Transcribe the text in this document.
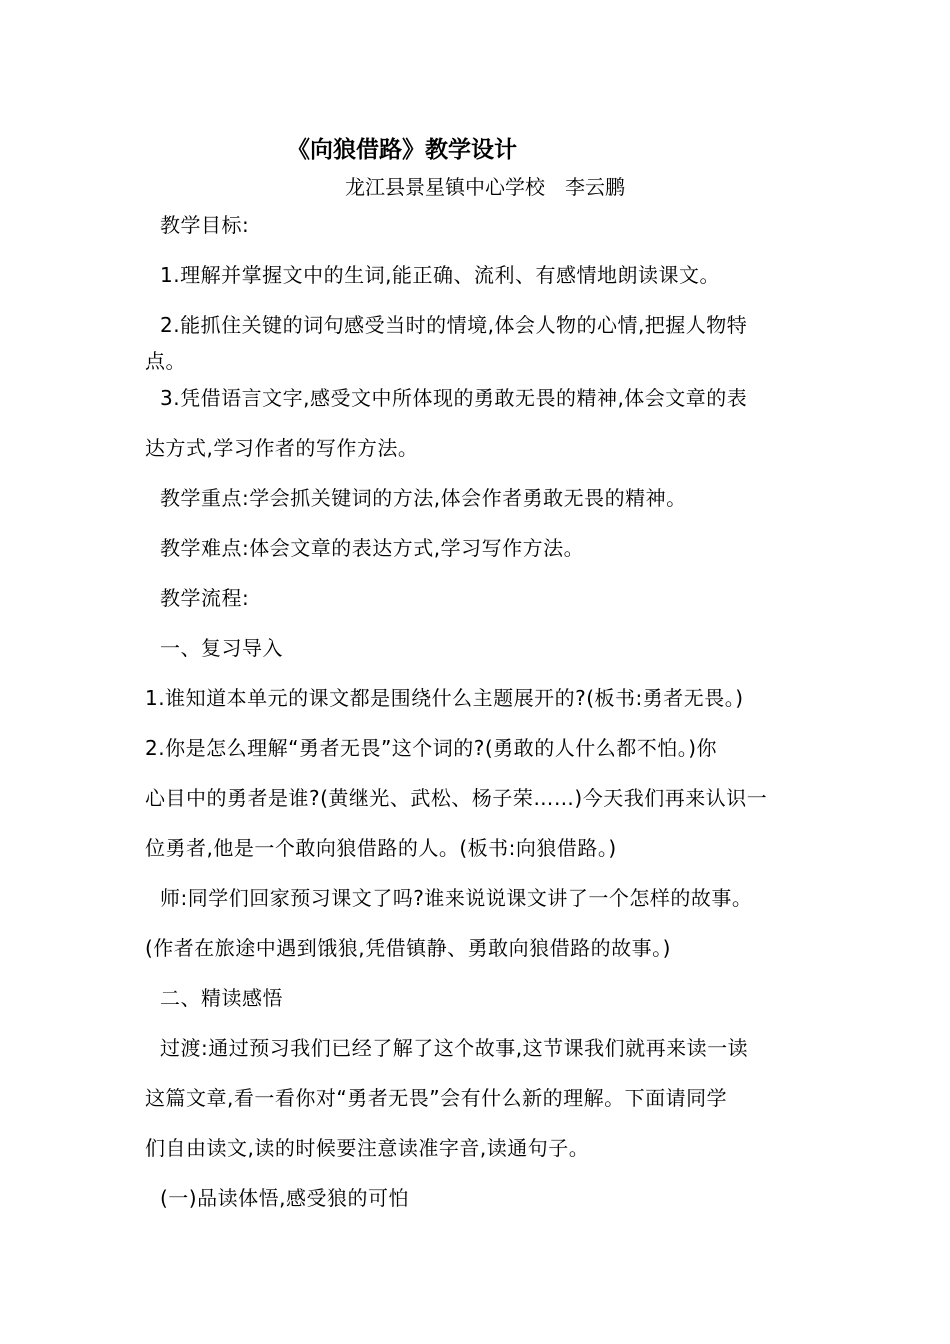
《向狼借路》教学设计
龙江县景星镇中心学校　李云鹏
教学目标:
1.理解并掌握文中的生词,能正确、流利、有感情地朗读课文。
2.能抓住关键的词句感受当时的情境,体会人物的心情,把握人物特
点。
3.凭借语言文字,感受文中所体现的勇敢无畏的精神,体会文章的表
达方式,学习作者的写作方法。
教学重点:学会抓关键词的方法,体会作者勇敢无畏的精神。
教学难点:体会文章的表达方式,学习写作方法。
教学流程:
一、复习导入
1.谁知道本单元的课文都是围绕什么主题展开的?(板书:勇者无畏。)
2.你是怎么理解“勇者无畏”这个词的?(勇敢的人什么都不怕。)你
心目中的勇者是谁?(黄继光、武松、杨子荣……)今天我们再来认识一
位勇者,他是一个敢向狼借路的人。(板书:向狼借路。)
师:同学们回家预习课文了吗?谁来说说课文讲了一个怎样的故事。
(作者在旅途中遇到饿狼,凭借镇静、勇敢向狼借路的故事。)
二、精读感悟
过渡:通过预习我们已经了解了这个故事,这节课我们就再来读一读
这篇文章,看一看你对“勇者无畏”会有什么新的理解。下面请同学
们自由读文,读的时候要注意读准字音,读通句子。
(一)品读体悟,感受狼的可怕
